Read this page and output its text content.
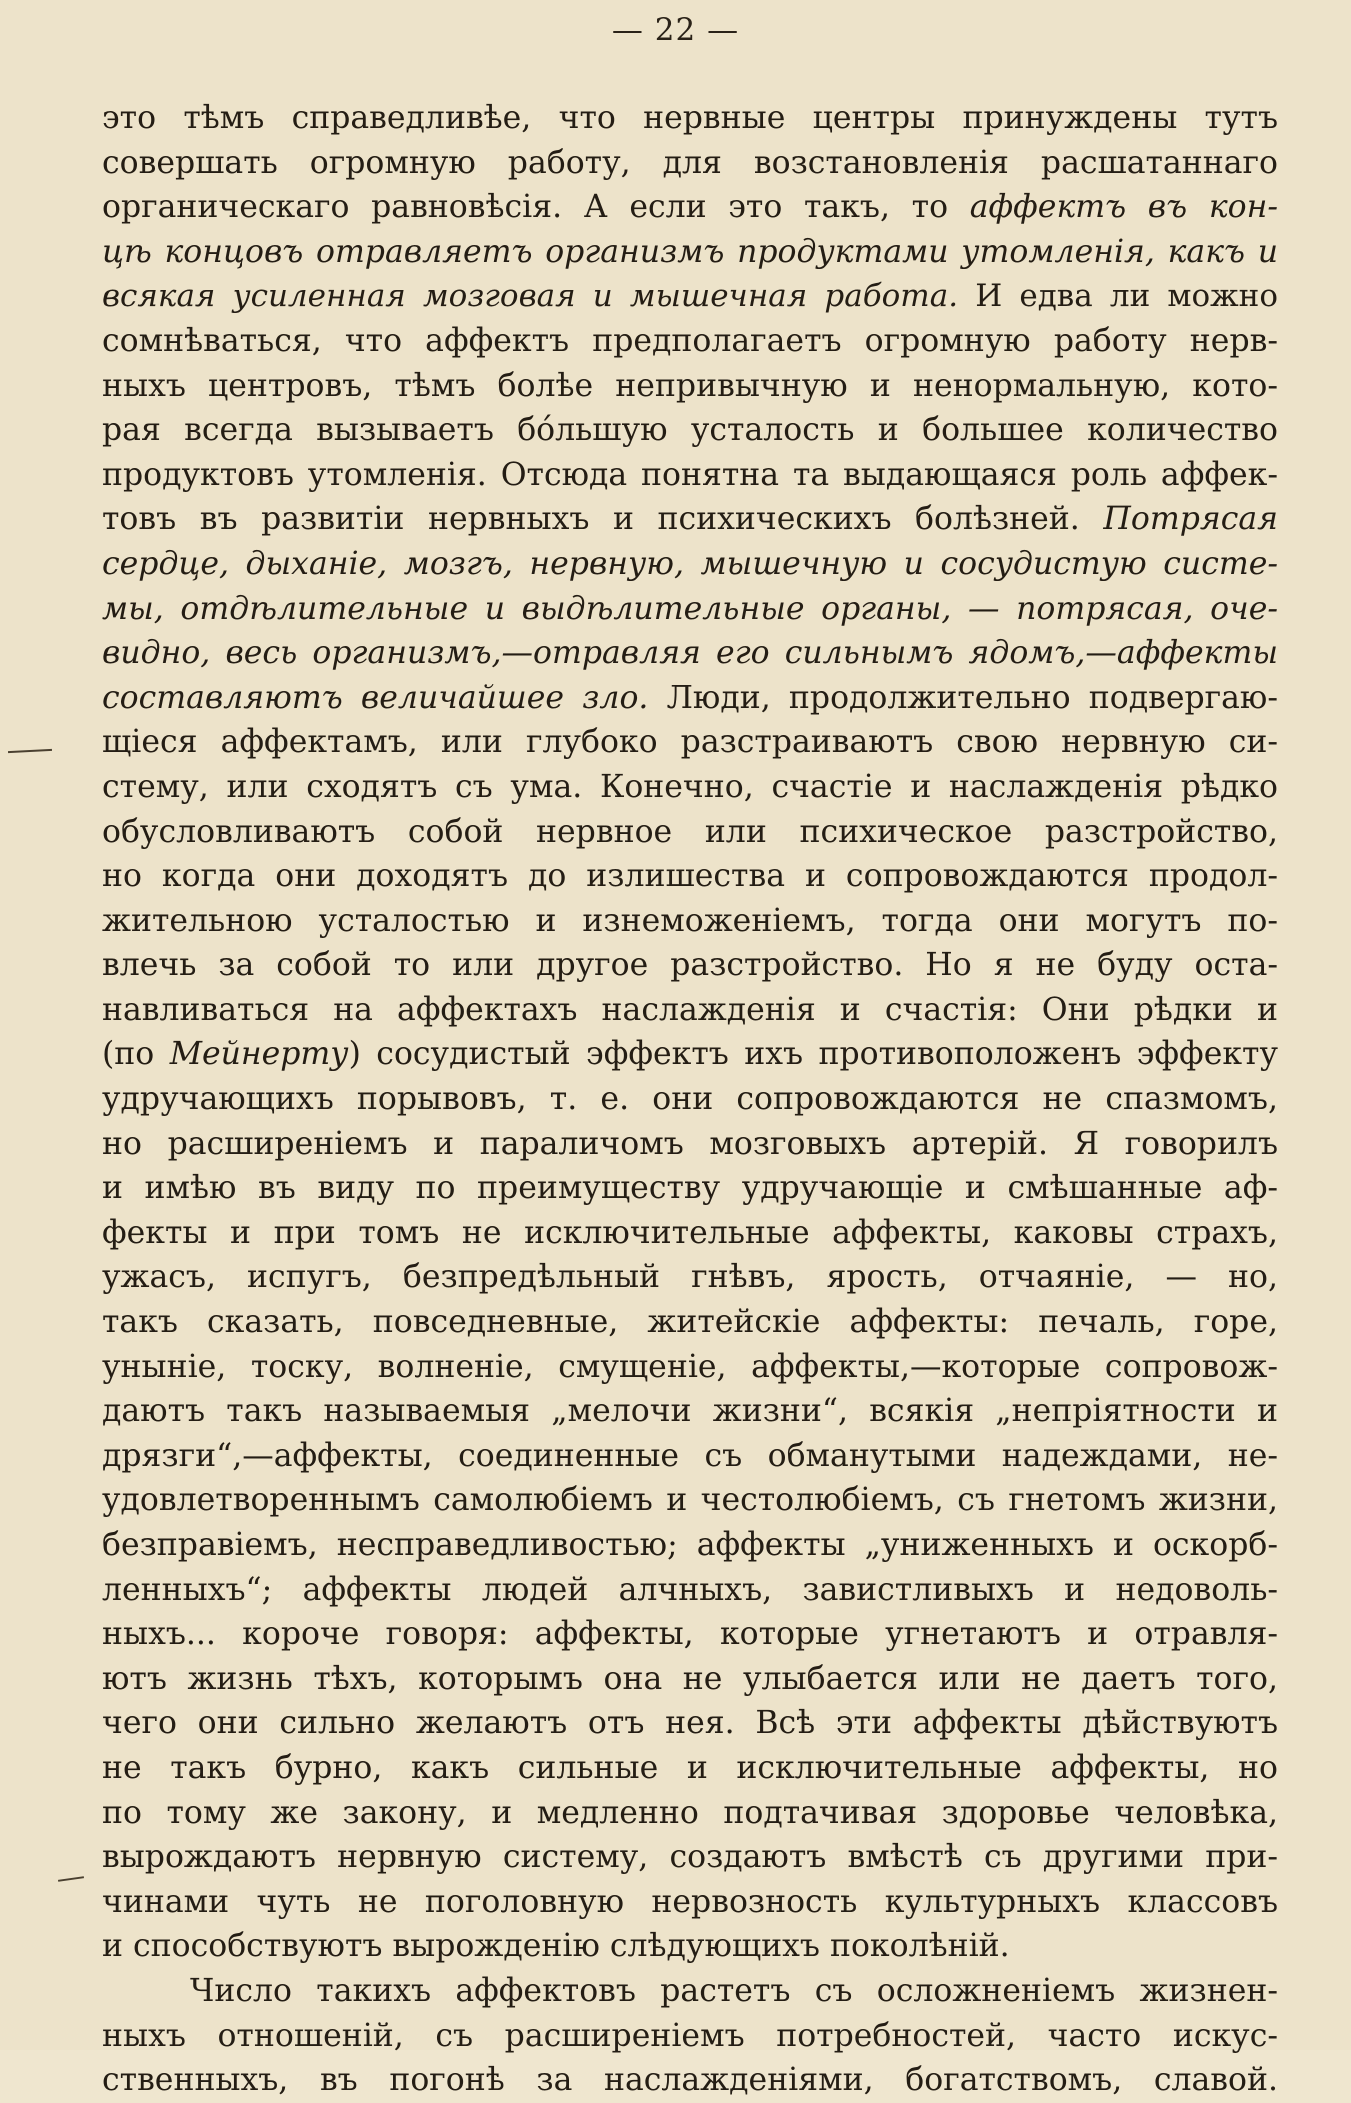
— 22 —
это тѣмъ справедливѣе, что нервные центры принуждены тутъ
совершать огромную работу, для возстановленія расшатаннаго
органическаго равновѣсія. А если это такъ, то аффектъ въ кон-
цѣ концовъ отравляетъ организмъ продуктами утомленія, какъ и
всякая усиленная мозговая и мышечная работа. И едва ли можно
сомнѣваться, что аффектъ предполагаетъ огромную работу нерв-
ныхъ центровъ, тѣмъ болѣе непривычную и ненормальную, кото-
рая всегда вызываетъ бóльшую усталость и большее количество
продуктовъ утомленія. Отсюда понятна та выдающаяся роль аффек-
товъ въ развитіи нервныхъ и психическихъ болѣзней. Потрясая
сердце, дыханіе, мозгъ, нервную, мышечную и сосудистую систе-
мы, отдѣлительные и выдѣлительные органы, — потрясая, оче-
видно, весь организмъ,—отравляя его сильнымъ ядомъ,—аффекты
составляютъ величайшее зло. Люди, продолжительно подвергаю-
щіеся аффектамъ, или глубоко разстраиваютъ свою нервную си-
стему, или сходятъ съ ума. Конечно, счастіе и наслажденія рѣдко
обусловливаютъ собой нервное или психическое разстройство,
но когда они доходятъ до излишества и сопровождаются продол-
жительною усталостью и изнеможеніемъ, тогда они могутъ по-
влечь за собой то или другое разстройство. Но я не буду оста-
навливаться на аффектахъ наслажденія и счастія: Они рѣдки и
(по Мейнерту) сосудистый эффектъ ихъ противоположенъ эффекту
удручающихъ порывовъ, т. е. они сопровождаются не спазмомъ,
но расширеніемъ и параличомъ мозговыхъ артерій. Я говорилъ
и имѣю въ виду по преимуществу удручающіе и смѣшанные аф-
фекты и при томъ не исключительные аффекты, каковы страхъ,
ужасъ, испугъ, безпредѣльный гнѣвъ, ярость, отчаяніе, — но,
такъ сказать, повседневные, житейскіе аффекты: печаль, горе,
уныніе, тоску, волненіе, смущеніе, аффекты,—которые сопровож-
даютъ такъ называемыя „мелочи жизни“, всякія „непріятности и
дрязги“,—аффекты, соединенные съ обманутыми надеждами, не-
удовлетвореннымъ самолюбіемъ и честолюбіемъ, съ гнетомъ жизни,
безправіемъ, несправедливостью; аффекты „униженныхъ и оскорб-
ленныхъ“; аффекты людей алчныхъ, завистливыхъ и недоволь-
ныхъ... короче говоря: аффекты, которые угнетаютъ и отравля-
ютъ жизнь тѣхъ, которымъ она не улыбается или не даетъ того,
чего они сильно желаютъ отъ нея. Всѣ эти аффекты дѣйствуютъ
не такъ бурно, какъ сильные и исключительные аффекты, но
по тому же закону, и медленно подтачивая здоровье человѣка,
вырождаютъ нервную систему, создаютъ вмѣстѣ съ другими при-
чинами чуть не поголовную нервозность культурныхъ классовъ
и способствуютъ вырожденію слѣдующихъ поколѣній.
Число такихъ аффектовъ растетъ съ осложненіемъ жизнен-
ныхъ отношеній, съ расширеніемъ потребностей, часто искус-
ственныхъ, въ погонѣ за наслажденіями, богатствомъ, славой.
